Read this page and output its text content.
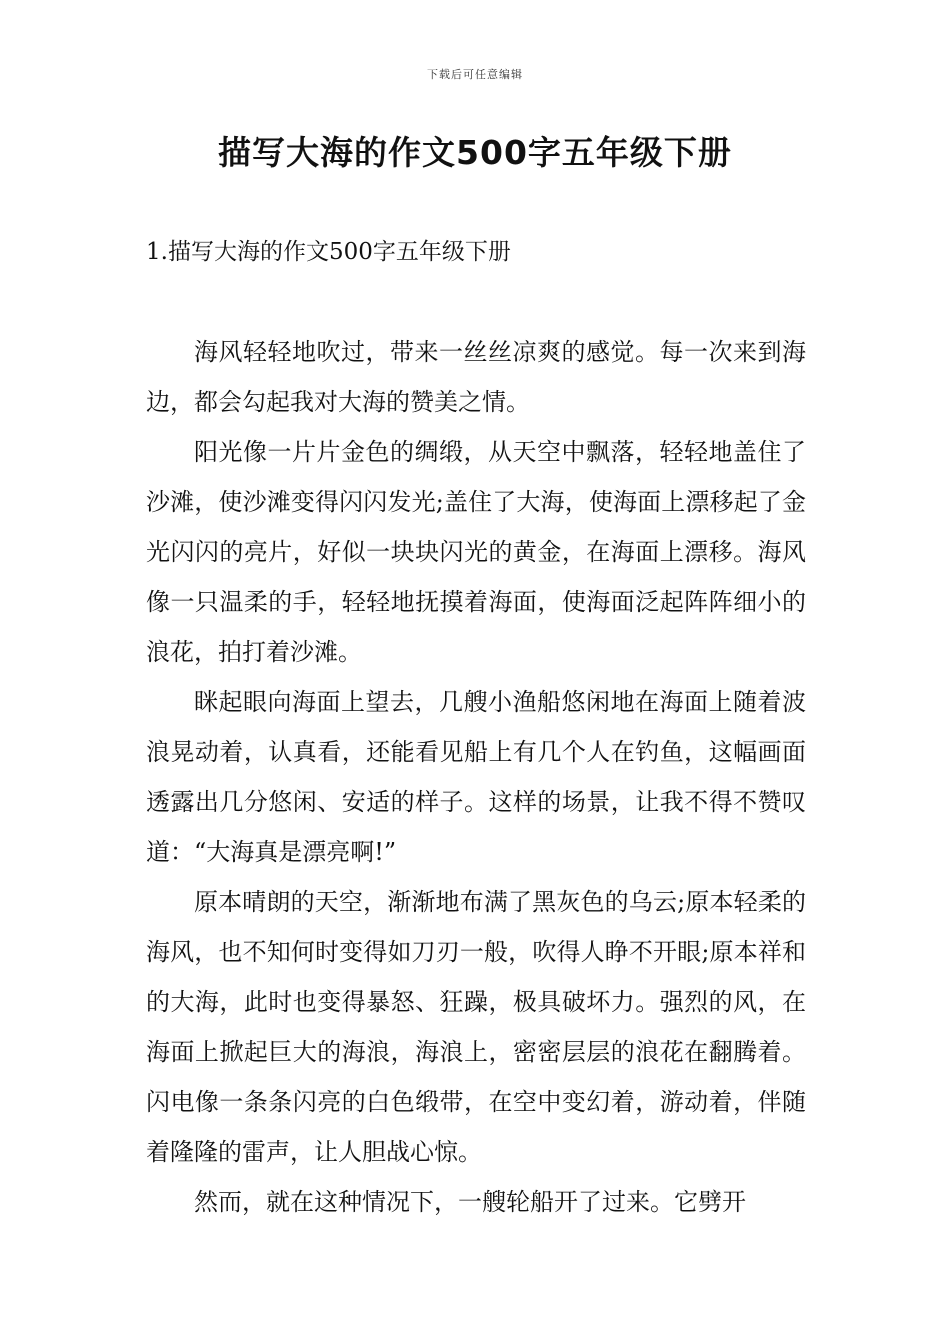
下载后可任意编辑
描写大海的作文500字五年级下册
1.描写大海的作文500字五年级下册

海风轻轻地吹过，带来一丝丝凉爽的感觉。每一次来到海边，都会勾起我对大海的赞美之情。

阳光像一片片金色的绸缎，从天空中飘落，轻轻地盖住了沙滩，使沙滩变得闪闪发光;盖住了大海，使海面上漂移起了金光闪闪的亮片，好似一块块闪光的黄金，在海面上漂移。海风像一只温柔的手，轻轻地抚摸着海面，使海面泛起阵阵细小的浪花，拍打着沙滩。

眯起眼向海面上望去，几艘小渔船悠闲地在海面上随着波浪晃动着，认真看，还能看见船上有几个人在钓鱼，这幅画面透露出几分悠闲、安适的样子。这样的场景，让我不得不赞叹道：“大海真是漂亮啊!”

原本晴朗的天空，渐渐地布满了黑灰色的乌云;原本轻柔的海风，也不知何时变得如刀刃一般，吹得人睁不开眼;原本祥和的大海，此时也变得暴怒、狂躁，极具破坏力。强烈的风，在海面上掀起巨大的海浪，海浪上，密密层层的浪花在翻腾着。闪电像一条条闪亮的白色缎带，在空中变幻着，游动着，伴随着隆隆的雷声，让人胆战心惊。

然而，就在这种情况下，一艘轮船开了过来。它劈开
